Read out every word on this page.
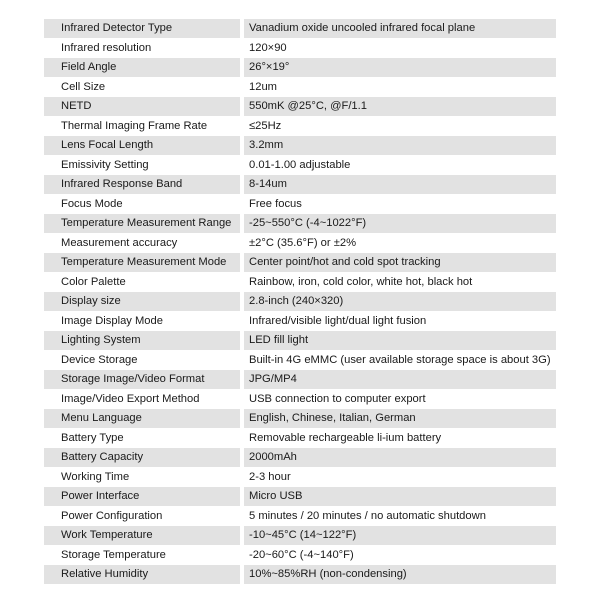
Infrared Detector Type	Vanadium oxide uncooled infrared focal plane
Infrared resolution	120×90
Field Angle	26°×19°
Cell Size	12um
NETD	550mK @25°C, @F/1.1
Thermal Imaging Frame Rate	≤25Hz
Lens Focal Length	3.2mm
Emissivity Setting	0.01-1.00 adjustable
Infrared Response Band	8-14um
Focus Mode	Free focus
Temperature Measurement Range	-25~550°C (-4~1022°F)
Measurement accuracy	±2°C (35.6°F) or ±2%
Temperature Measurement Mode	Center point/hot and cold spot tracking
Color Palette	Rainbow, iron, cold color, white hot, black hot
Display size	2.8-inch (240×320)
Image Display Mode	Infrared/visible light/dual light fusion
Lighting System	LED fill light
Device Storage	Built-in 4G eMMC (user available storage space is about 3G)
Storage Image/Video Format	JPG/MP4
Image/Video Export Method	USB connection to computer export
Menu Language	English, Chinese, Italian, German
Battery Type	Removable rechargeable li-ium battery
Battery Capacity	2000mAh
Working Time	2-3 hour
Power Interface	Micro USB
Power Configuration	5 minutes / 20 minutes / no automatic shutdown
Work Temperature	-10~45°C (14~122°F)
Storage Temperature	-20~60°C (-4~140°F)
Relative Humidity	10%~85%RH (non-condensing)
